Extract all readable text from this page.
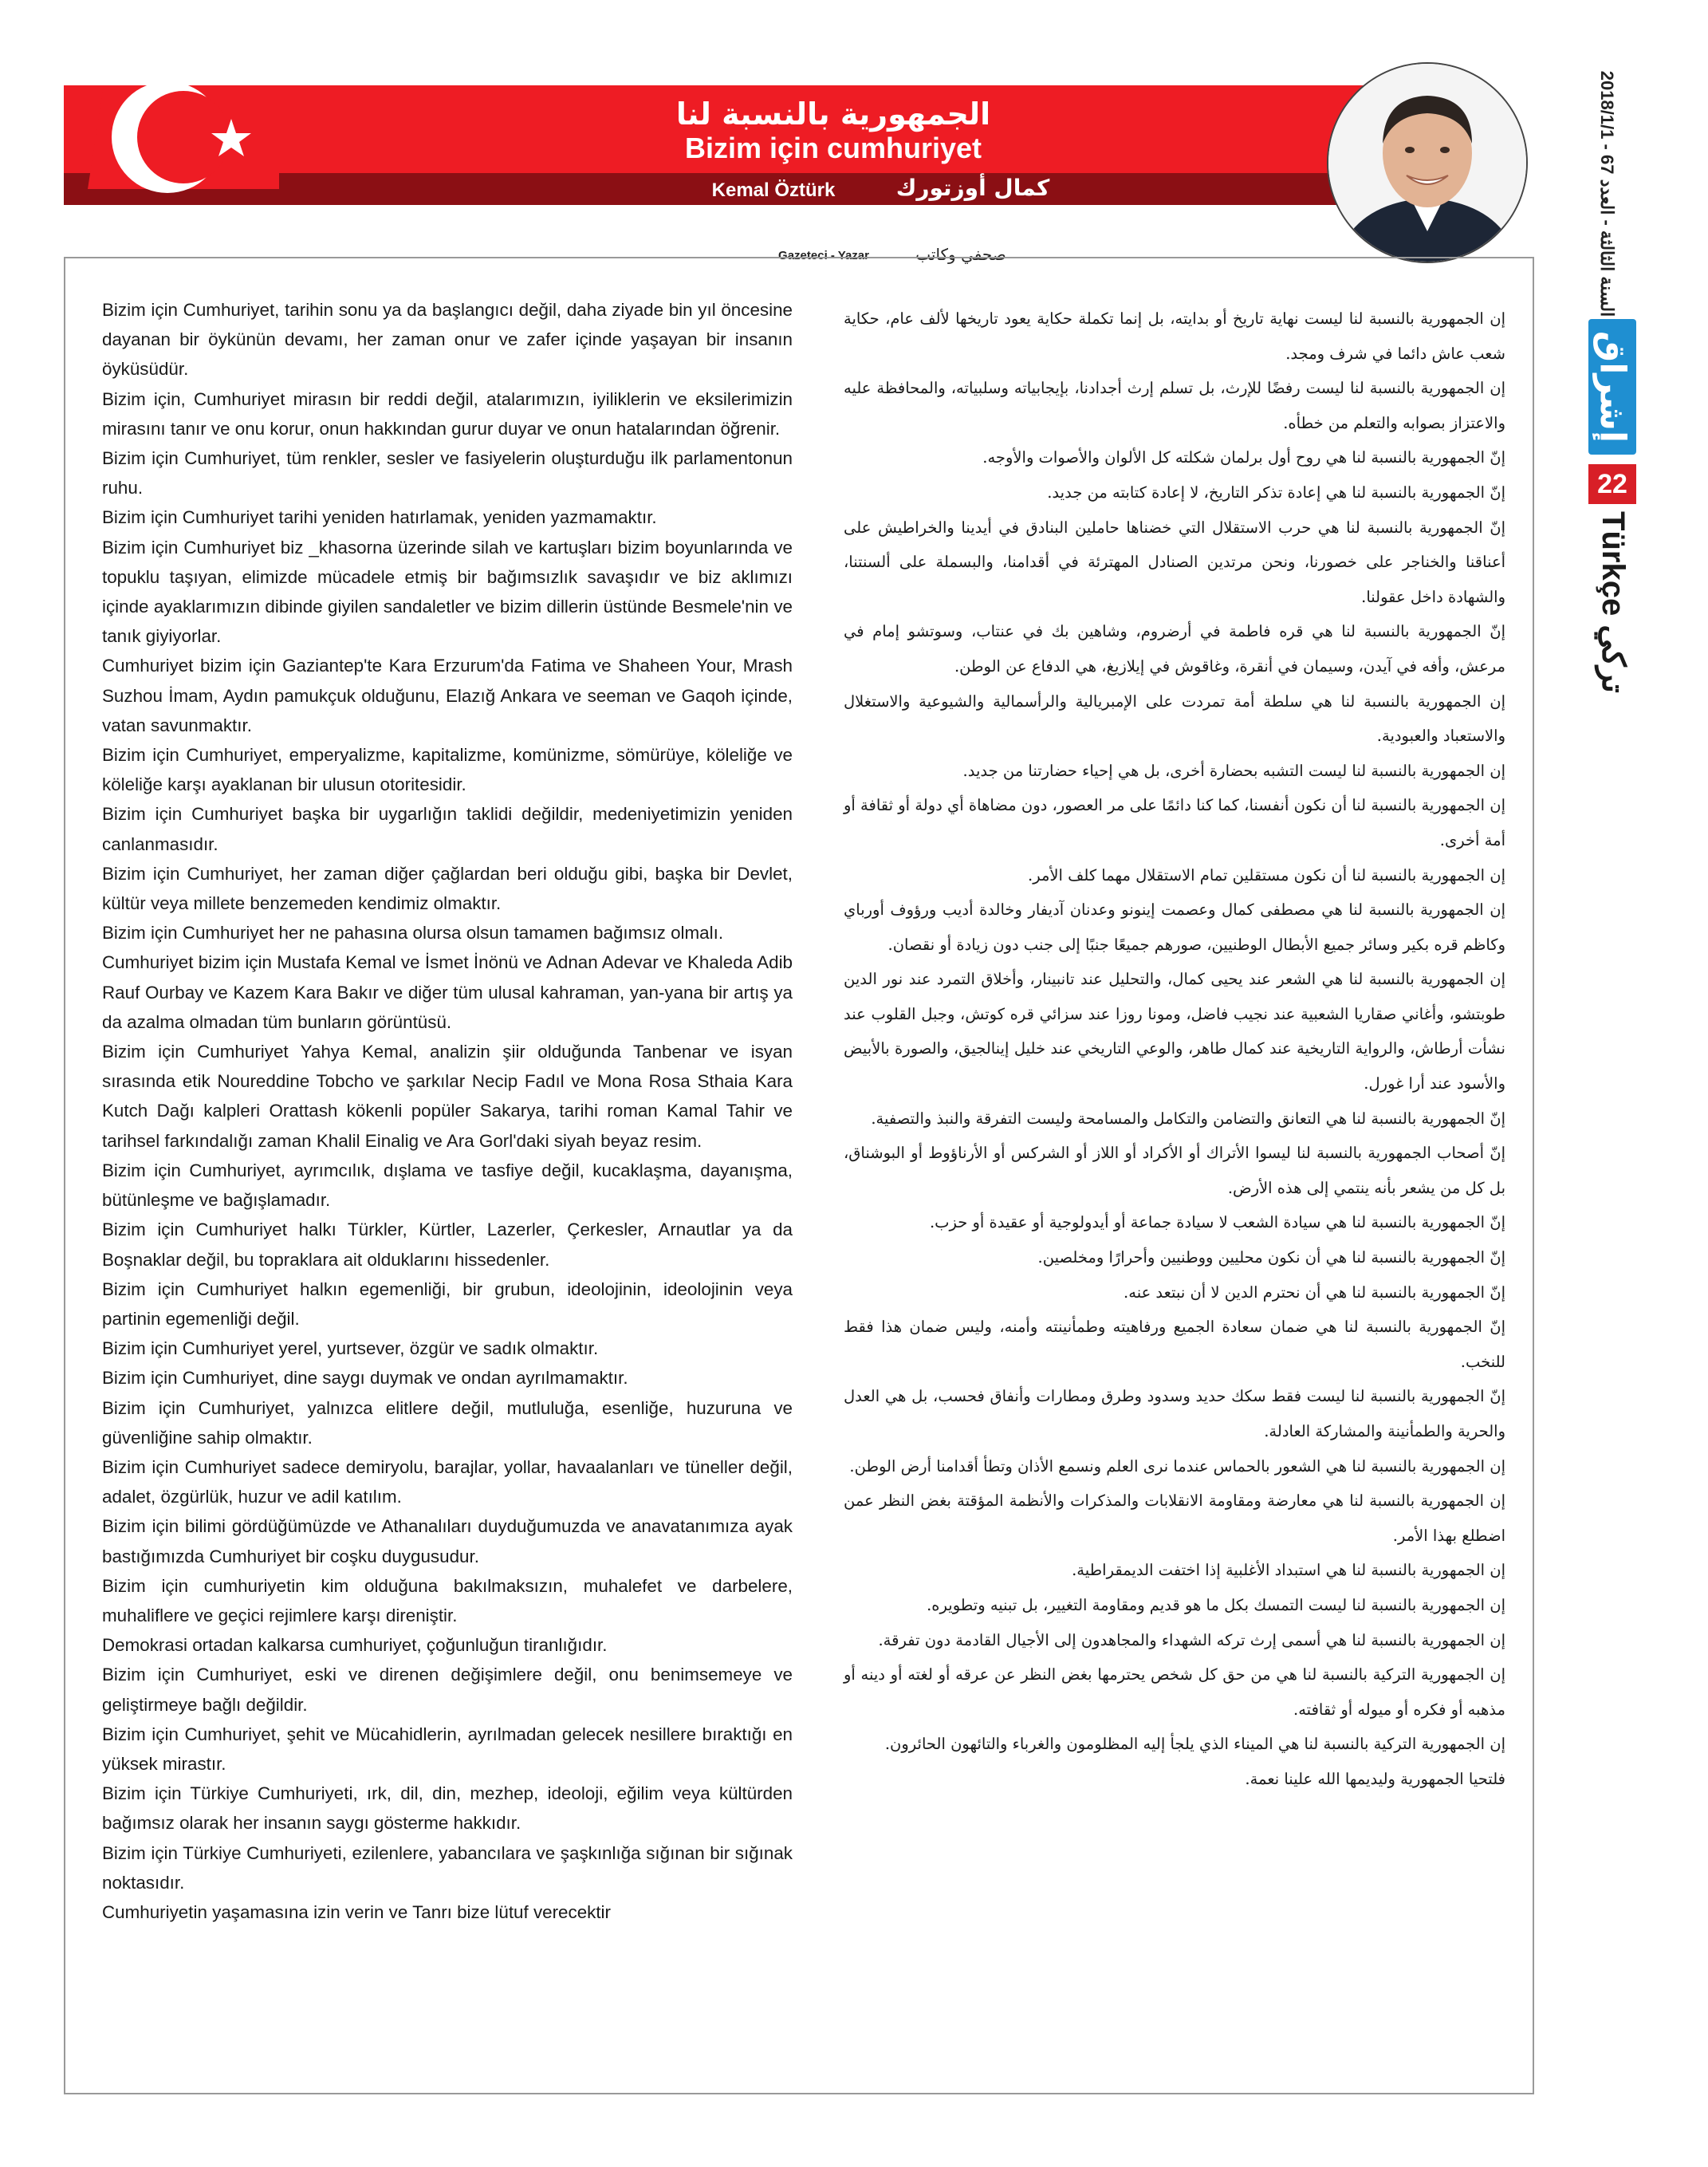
2018/1/1 - 67 السنة الثالثة - العدد
إشراق
22
Türkçe تركي
الجمهورية بالنسبة لنا
Bizim için cumhuriyet
Kemal Öztürk	كمال أوزتورك
Gazeteci - Yazar	صحفي وكاتب
Bizim için Cumhuriyet, tarihin sonu ya da başlangıcı değil, daha ziyade bin yıl öncesine dayanan bir öykünün devamı, her zaman onur ve zafer içinde yaşayan bir insanın öyküsüdür.
Bizim için, Cumhuriyet mirasın bir reddi değil, atalarımızın, iyiliklerin ve eksilerimizin mirasını tanır ve onu korur, onun hakkından gurur duyar ve onun hatalarından öğrenir.
Bizim için Cumhuriyet, tüm renkler, sesler ve fasiyelerin oluşturduğu ilk parlamentonun ruhu.
Bizim için Cumhuriyet tarihi yeniden hatırlamak, yeniden yazmamaktır.
Bizim için Cumhuriyet biz _khasorna üzerinde silah ve kartuşları bizim boyunlarında ve topuklu taşıyan, elimizde mücadele etmiş bir bağımsızlık savaşıdır ve biz aklımızı içinde ayaklarımızın dibinde giyilen sandaletler ve bizim dillerin üstünde Besmele'nin ve tanık giyiyorlar.
Cumhuriyet bizim için Gaziantep'te Kara Erzurum'da Fatima ve Shaheen Your, Mrash Suzhou İmam, Aydın pamukçuk olduğunu, Elazığ Ankara ve seeman ve Gaqoh içinde, vatan savunmaktır.
Bizim için Cumhuriyet, emperyalizme, kapitalizme, komünizme, sömürüye, köleliğe ve köleliğe karşı ayaklanan bir ulusun otoritesidir.
Bizim için Cumhuriyet başka bir uygarlığın taklidi değildir, medeniyetimizin yeniden canlanmasıdır.
Bizim için Cumhuriyet, her zaman diğer çağlardan beri olduğu gibi, başka bir Devlet, kültür veya millete benzemeden kendimiz olmaktır.
Bizim için Cumhuriyet her ne pahasına olursa olsun tamamen bağımsız olmalı.
Cumhuriyet bizim için Mustafa Kemal ve İsmet İnönü ve Adnan Adevar ve Khaleda Adib Rauf Ourbay ve Kazem Kara Bakır ve diğer tüm ulusal kahraman, yan-yana bir artış ya da azalma olmadan tüm bunların görüntüsü.
Bizim için Cumhuriyet Yahya Kemal, analizin şiir olduğunda Tanbenar ve isyan sırasında etik Noureddine Tobcho ve şarkılar Necip Fadıl ve Mona Rosa Sthaia Kara Kutch Dağı kalpleri Orattash kökenli popüler Sakarya, tarihi roman Kamal Tahir ve tarihsel farkındalığı zaman Khalil Einalig ve Ara Gorl'daki siyah beyaz resim.
Bizim için Cumhuriyet, ayrımcılık, dışlama ve tasfiye değil, kucaklaşma, dayanışma, bütünleşme ve bağışlamadır.
Bizim için Cumhuriyet halkı Türkler, Kürtler, Lazerler, Çerkesler, Arnautlar ya da Boşnaklar değil, bu topraklara ait olduklarını hissedenler.
Bizim için Cumhuriyet halkın egemenliği, bir grubun, ideolojinin, ideolojinin veya partinin egemenliği değil.
Bizim için Cumhuriyet yerel, yurtsever, özgür ve sadık olmaktır.
Bizim için Cumhuriyet, dine saygı duymak ve ondan ayrılmamaktır.
Bizim için Cumhuriyet, yalnızca elitlere değil, mutluluğa, esenliğe, huzuruna ve güvenliğine sahip olmaktır.
Bizim için Cumhuriyet sadece demiryolu, barajlar, yollar, havaalanları ve tüneller değil, adalet, özgürlük, huzur ve adil katılım.
Bizim için bilimi gördüğümüzde ve Athanalıları duyduğumuzda ve anavatanımıza ayak bastığımızda Cumhuriyet bir coşku duygusudur.
Bizim için cumhuriyetin kim olduğuna bakılmaksızın, muhalefet ve darbelere, muhaliflere ve geçici rejimlere karşı direniştir.
Demokrasi ortadan kalkarsa cumhuriyet, çoğunluğun tiranlığıdır.
Bizim için Cumhuriyet, eski ve direnen değişimlere değil, onu benimsemeye ve geliştirmeye bağlı değildir.
Bizim için Cumhuriyet, şehit ve Mücahidlerin, ayrılmadan gelecek nesillere bıraktığı en yüksek mirastır.
Bizim için Türkiye Cumhuriyeti, ırk, dil, din, mezhep, ideoloji, eğilim veya kültürden bağımsız olarak her insanın saygı gösterme hakkıdır.
Bizim için Türkiye Cumhuriyeti, ezilenlere, yabancılara ve şaşkınlığa sığınan bir sığınak noktasıdır.
Cumhuriyetin yaşamasına izin verin ve Tanrı bize lütuf verecektir
إن الجمهورية بالنسبة لنا ليست نهاية تاريخ أو بدايته، بل إنما تكملة حكاية يعود تاريخها لألف عام، حكاية شعب عاش دائما في شرف ومجد.
إن الجمهورية بالنسبة لنا ليست رفضًا للإرث، بل تسلم إرث أجدادنا، بإيجابياته وسلبياته، والمحافظة عليه والاعتزاز بصوابه والتعلم من خطأه.
إنّ الجمهورية بالنسبة لنا هي روح أول برلمان شكلته كل الألوان والأصوات والأوجه.
إنّ الجمهورية بالنسبة لنا هي إعادة تذكر التاريخ، لا إعادة كتابته من جديد.
إنّ الجمهورية بالنسبة لنا هي حرب الاستقلال التي خضناها حاملين البنادق في أيدينا والخراطيش على أعناقنا والخناجر على خصورنا، ونحن مرتدين الصنادل المهترئة في أقدامنا، والبسملة على ألسنتنا، والشهادة داخل عقولنا.
إنّ الجمهورية بالنسبة لنا هي قره فاطمة في أرضروم، وشاهين بك في عنتاب، وسوتشو إمام في مرعش، وأفه في آيدن، وسيمان في أنقرة، وغاقوش في إيلازيغ، هي الدفاع عن الوطن.
إن الجمهورية بالنسبة لنا هي سلطة أمة تمردت على الإمبريالية والرأسمالية والشيوعية والاستغلال والاستعباد والعبودية.
إن الجمهورية بالنسبة لنا ليست التشبه بحضارة أخرى، بل هي إحياء حضارتنا من جديد.
إن الجمهورية بالنسبة لنا أن نكون أنفسنا، كما كنا دائمًا على مر العصور، دون مضاهاة أي دولة أو ثقافة أو أمة أخرى.
إن الجمهورية بالنسبة لنا أن نكون مستقلين تمام الاستقلال مهما كلف الأمر.
إن الجمهورية بالنسبة لنا هي مصطفى كمال وعصمت إينونو وعدنان آديفار وخالدة أديب ورؤوف أورباي وكاظم قره بكير وسائر جميع الأبطال الوطنيين، صورهم جميعًا جنبًا إلى جنب دون زيادة أو نقصان.
إن الجمهورية بالنسبة لنا هي الشعر عند يحيى كمال، والتحليل عند تانبينار، وأخلاق التمرد عند نور الدين طوبتشو، وأغاني صقاريا الشعبية عند نجيب فاضل، ومونا روزا عند سزائي قره كوتش، وجبل القلوب عند نشأت أرطاش، والرواية التاريخية عند كمال طاهر، والوعي التاريخي عند خليل إينالجيق، والصورة بالأبيض والأسود عند أرا غورل.
إنّ الجمهورية بالنسبة لنا هي التعانق والتضامن والتكامل والمسامحة وليست التفرقة والنبذ والتصفية.
إنّ أصحاب الجمهورية بالنسبة لنا ليسوا الأتراك أو الأكراد أو اللاز أو الشركس أو الأرناؤوط أو البوشناق، بل كل من يشعر بأنه ينتمي إلى هذه الأرض.
إنّ الجمهورية بالنسبة لنا هي سيادة الشعب لا سيادة جماعة أو أيدولوجية أو عقيدة أو حزب.
إنّ الجمهورية بالنسبة لنا هي أن نكون محليين ووطنيين وأحرارًا ومخلصين.
إنّ الجمهورية بالنسبة لنا هي أن نحترم الدين لا أن نبتعد عنه.
إنّ الجمهورية بالنسبة لنا هي ضمان سعادة الجميع ورفاهيته وطمأنينته وأمنه، وليس ضمان هذا فقط للنخب.
إنّ الجمهورية بالنسبة لنا ليست فقط سكك حديد وسدود وطرق ومطارات وأنفاق فحسب، بل هي العدل والحرية والطمأنينة والمشاركة العادلة.
إن الجمهورية بالنسبة لنا هي الشعور بالحماس عندما نرى العلم ونسمع الأذان وتطأ أقدامنا أرض الوطن.
إن الجمهورية بالنسبة لنا هي معارضة ومقاومة الانقلابات والمذكرات والأنظمة المؤقتة بغض النظر عمن اضطلع بهذا الأمر.
إن الجمهورية بالنسبة لنا هي استبداد الأغلبية إذا اختفت الديمقراطية.
إن الجمهورية بالنسبة لنا ليست التمسك بكل ما هو قديم ومقاومة التغيير، بل تبنيه وتطويره.
إن الجمهورية بالنسبة لنا هي أسمى إرث تركه الشهداء والمجاهدون إلى الأجيال القادمة دون تفرقة.
إن الجمهورية التركية بالنسبة لنا هي من حق كل شخص يحترمها بغض النظر عن عرقه أو لغته أو دينه أو مذهبه أو فكره أو ميوله أو ثقافته.
إن الجمهورية التركية بالنسبة لنا هي الميناء الذي يلجأ إليه المظلومون والغرباء والتائهون الحائرون.
فلتحيا الجمهورية وليديمها الله علينا نعمة.
